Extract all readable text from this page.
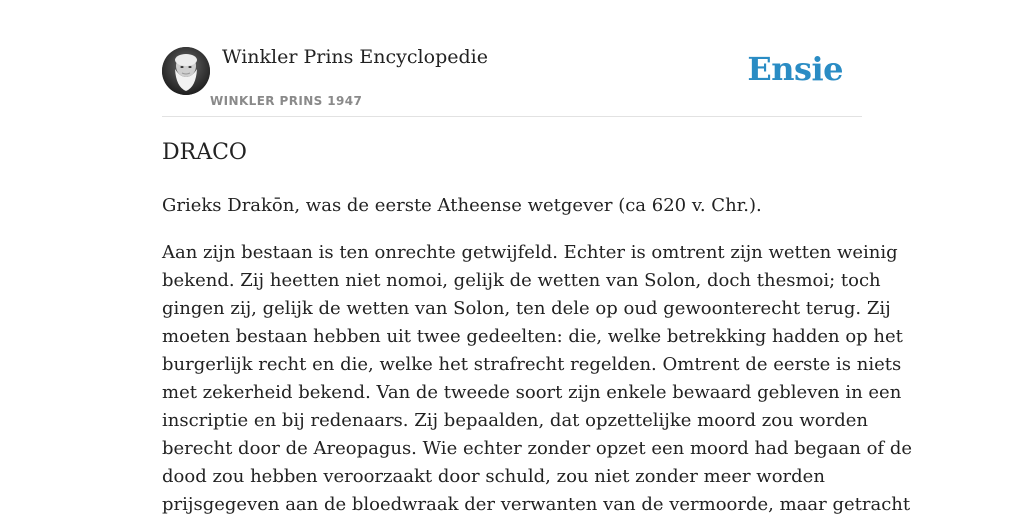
Winkler Prins Encyclopedie
WINKLER PRINS 1947
Ensie
DRACO

Grieks Drakōn, was de eerste Atheense wetgever (ca 620 v. Chr.).

Aan zijn bestaan is ten onrechte getwijfeld. Echter is omtrent zijn wetten weinig
bekend. Zij heetten niet nomoi, gelijk de wetten van Solon, doch thesmoi; toch
gingen zij, gelijk de wetten van Solon, ten dele op oud gewoonterecht terug. Zij
moeten bestaan hebben uit twee gedeelten: die, welke betrekking hadden op het
burgerlijk recht en die, welke het strafrecht regelden. Omtrent de eerste is niets
met zekerheid bekend. Van de tweede soort zijn enkele bewaard gebleven in een
inscriptie en bij redenaars. Zij bepaalden, dat opzettelijke moord zou worden
berecht door de Areopagus. Wie echter zonder opzet een moord had begaan of de
dood zou hebben veroorzaakt door schuld, zou niet zonder meer worden
prijsgegeven aan de bloedwraak der verwanten van de vermoorde, maar getracht
